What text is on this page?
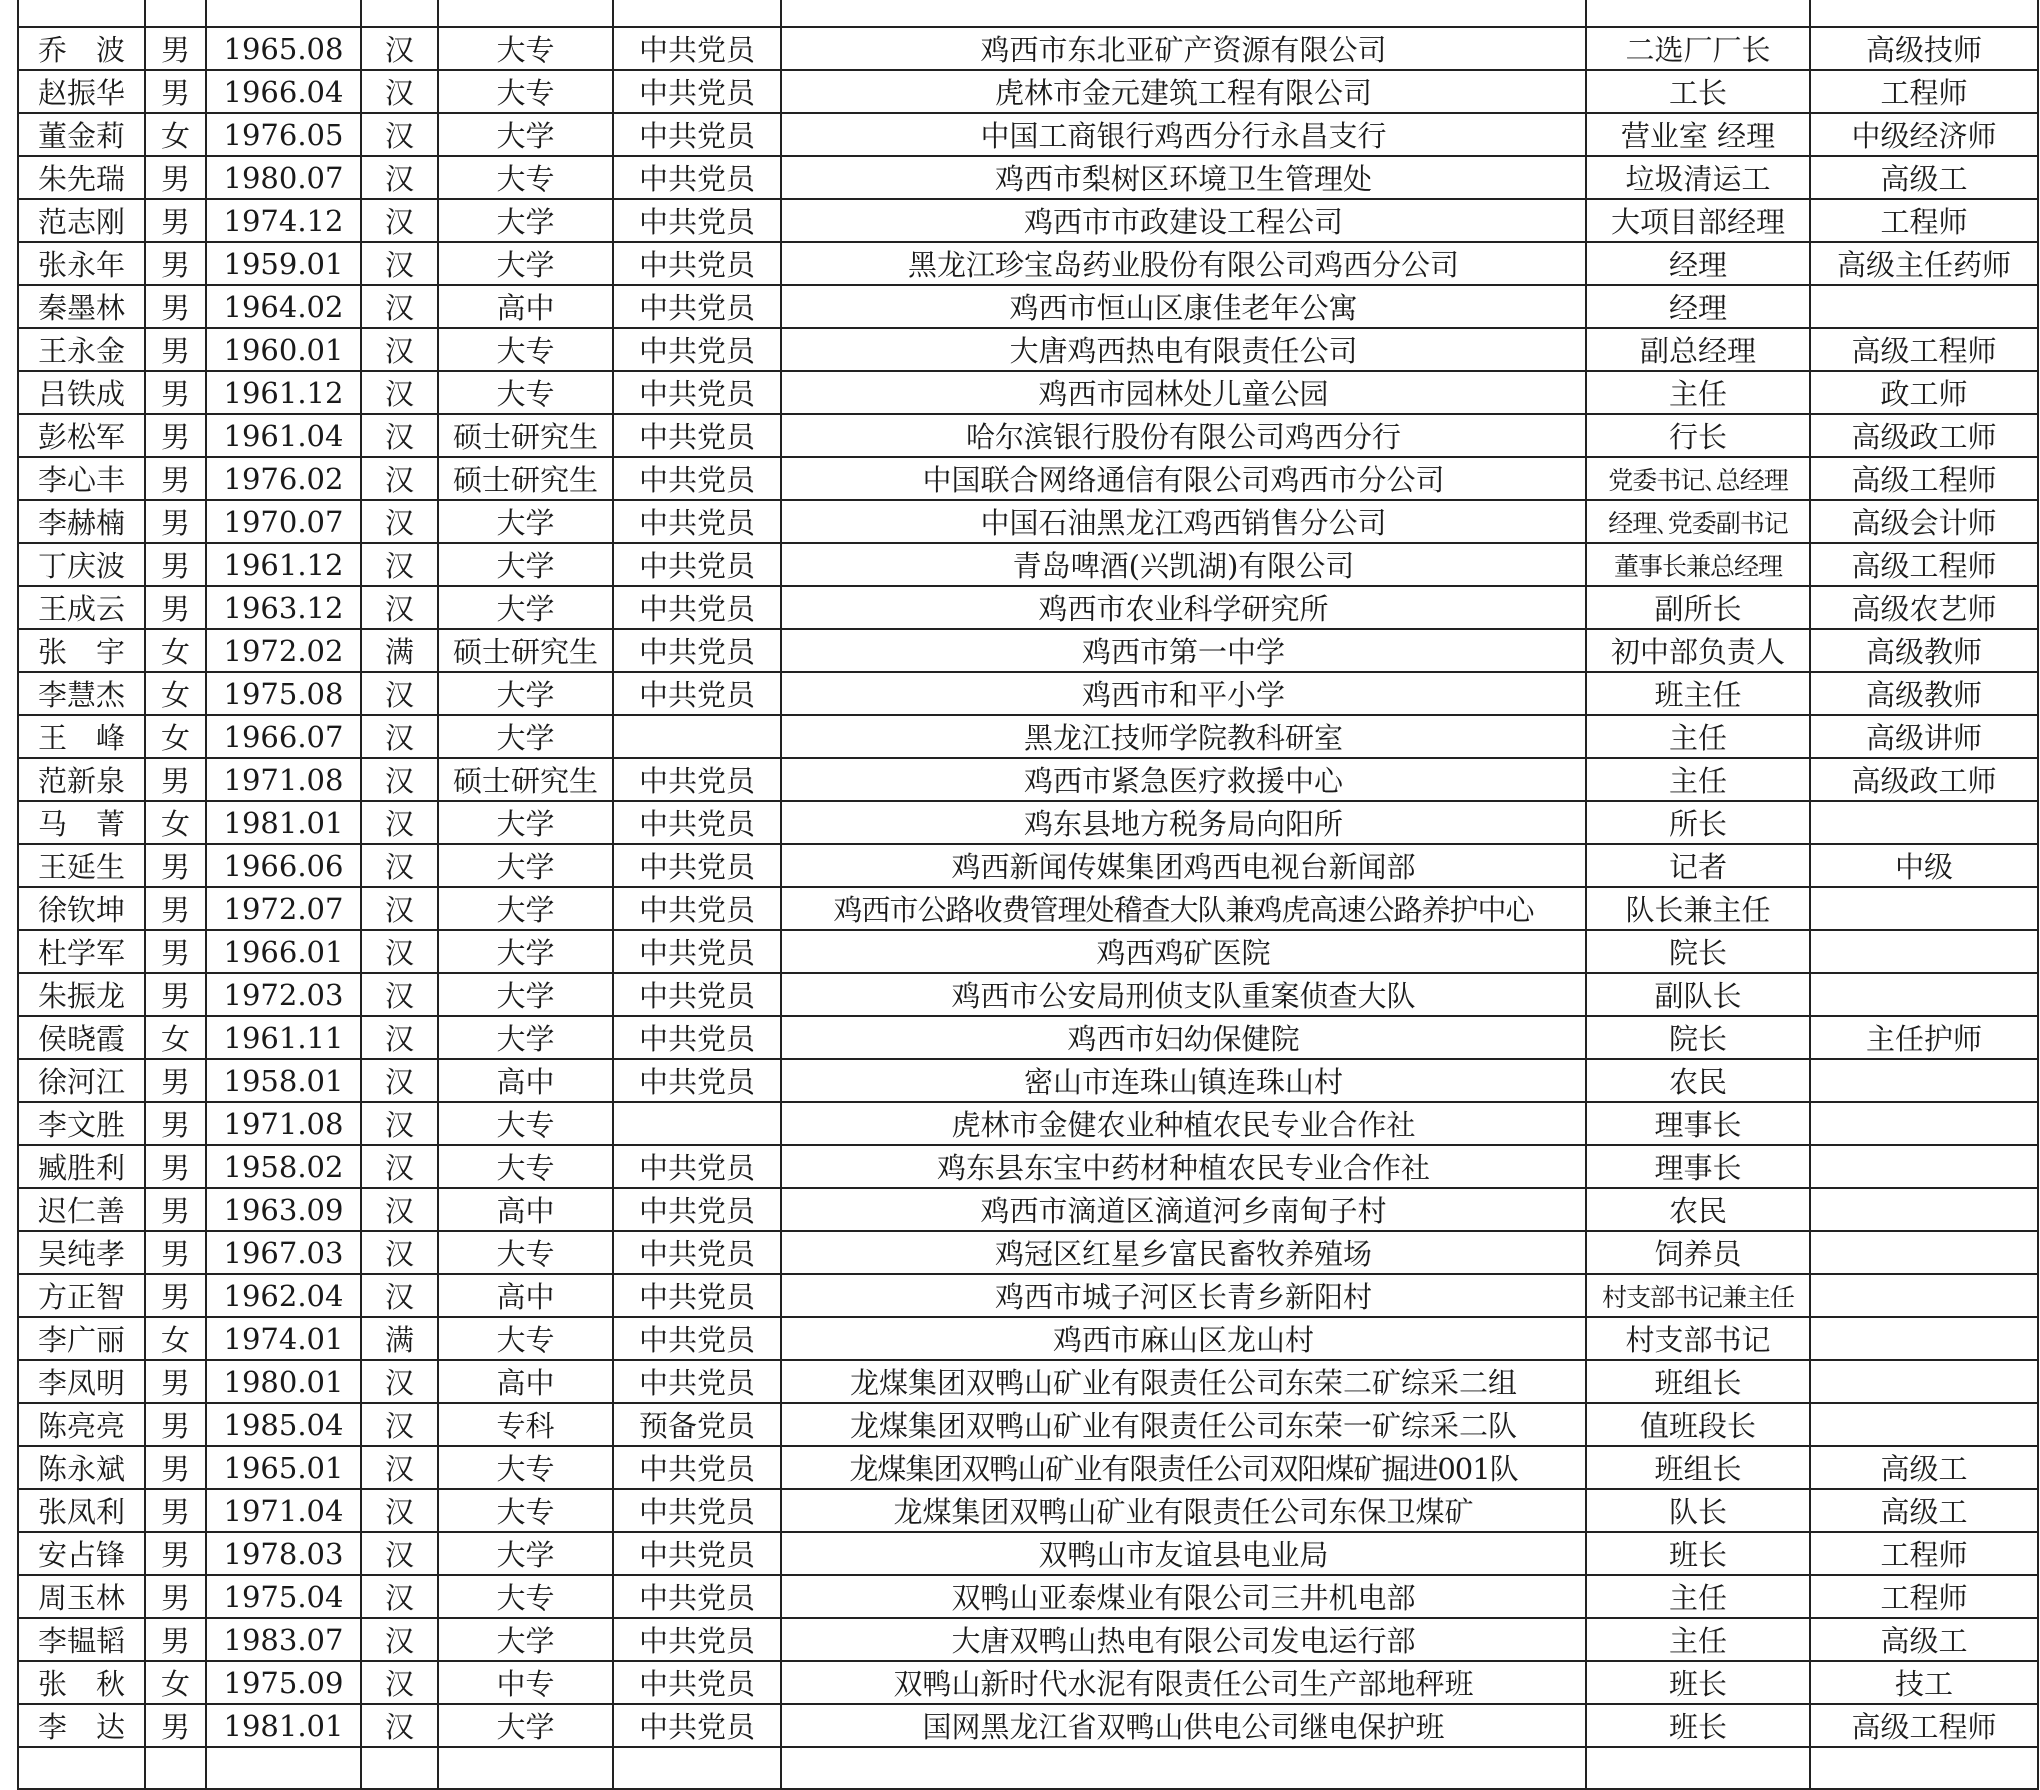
乔　波	男	1965.08	汉	大专	中共党员	鸡西市东北亚矿产资源有限公司	二选厂厂长	高级技师
赵振华	男	1966.04	汉	大专	中共党员	虎林市金元建筑工程有限公司	工长	工程师
董金莉	女	1976.05	汉	大学	中共党员	中国工商银行鸡西分行永昌支行	营业室 经理	中级经济师
朱先瑞	男	1980.07	汉	大专	中共党员	鸡西市梨树区环境卫生管理处	垃圾清运工	高级工
范志刚	男	1974.12	汉	大学	中共党员	鸡西市市政建设工程公司	大项目部经理	工程师
张永年	男	1959.01	汉	大学	中共党员	黑龙江珍宝岛药业股份有限公司鸡西分公司	经理	高级主任药师
秦墨林	男	1964.02	汉	高中	中共党员	鸡西市恒山区康佳老年公寓	经理	
王永金	男	1960.01	汉	大专	中共党员	大唐鸡西热电有限责任公司	副总经理	高级工程师
吕铁成	男	1961.12	汉	大专	中共党员	鸡西市园林处儿童公园	主任	政工师
彭松军	男	1961.04	汉	硕士研究生	中共党员	哈尔滨银行股份有限公司鸡西分行	行长	高级政工师
李心丰	男	1976.02	汉	硕士研究生	中共党员	中国联合网络通信有限公司鸡西市分公司	党委书记､总经理	高级工程师
李赫楠	男	1970.07	汉	大学	中共党员	中国石油黑龙江鸡西销售分公司	经理､党委副书记	高级会计师
丁庆波	男	1961.12	汉	大学	中共党员	青岛啤酒(兴凯湖)有限公司	董事长兼总经理	高级工程师
王成云	男	1963.12	汉	大学	中共党员	鸡西市农业科学研究所	副所长	高级农艺师
张　宇	女	1972.02	满	硕士研究生	中共党员	鸡西市第一中学	初中部负责人	高级教师
李慧杰	女	1975.08	汉	大学	中共党员	鸡西市和平小学	班主任	高级教师
王　峰	女	1966.07	汉	大学		黑龙江技师学院教科研室	主任	高级讲师
范新泉	男	1971.08	汉	硕士研究生	中共党员	鸡西市紧急医疗救援中心	主任	高级政工师
马　菁	女	1981.01	汉	大学	中共党员	鸡东县地方税务局向阳所	所长	
王延生	男	1966.06	汉	大学	中共党员	鸡西新闻传媒集团鸡西电视台新闻部	记者	中级
徐钦坤	男	1972.07	汉	大学	中共党员	鸡西市公路收费管理处稽查大队兼鸡虎高速公路养护中心	队长兼主任	
杜学军	男	1966.01	汉	大学	中共党员	鸡西鸡矿医院	院长	
朱振龙	男	1972.03	汉	大学	中共党员	鸡西市公安局刑侦支队重案侦查大队	副队长	
侯晓霞	女	1961.11	汉	大学	中共党员	鸡西市妇幼保健院	院长	主任护师
徐河江	男	1958.01	汉	高中	中共党员	密山市连珠山镇连珠山村	农民	
李文胜	男	1971.08	汉	大专		虎林市金健农业种植农民专业合作社	理事长	
臧胜利	男	1958.02	汉	大专	中共党员	鸡东县东宝中药材种植农民专业合作社	理事长	
迟仁善	男	1963.09	汉	高中	中共党员	鸡西市滴道区滴道河乡南甸子村	农民	
吴纯孝	男	1967.03	汉	大专	中共党员	鸡冠区红星乡富民畜牧养殖场	饲养员	
方正智	男	1962.04	汉	高中	中共党员	鸡西市城子河区长青乡新阳村	村支部书记兼主任	
李广丽	女	1974.01	满	大专	中共党员	鸡西市麻山区龙山村	村支部书记	
李凤明	男	1980.01	汉	高中	中共党员	龙煤集团双鸭山矿业有限责任公司东荣二矿综采二组	班组长	
陈亮亮	男	1985.04	汉	专科	预备党员	龙煤集团双鸭山矿业有限责任公司东荣一矿综采二队	值班段长	
陈永斌	男	1965.01	汉	大专	中共党员	龙煤集团双鸭山矿业有限责任公司双阳煤矿掘进001队	班组长	高级工
张凤利	男	1971.04	汉	大专	中共党员	龙煤集团双鸭山矿业有限责任公司东保卫煤矿	队长	高级工
安占锋	男	1978.03	汉	大学	中共党员	双鸭山市友谊县电业局	班长	工程师
周玉林	男	1975.04	汉	大专	中共党员	双鸭山亚泰煤业有限公司三井机电部	主任	工程师
李韫韬	男	1983.07	汉	大学	中共党员	大唐双鸭山热电有限公司发电运行部	主任	高级工
张　秋	女	1975.09	汉	中专	中共党员	双鸭山新时代水泥有限责任公司生产部地秤班	班长	技工
李　达	男	1981.01	汉	大学	中共党员	国网黑龙江省双鸭山供电公司继电保护班	班长	高级工程师
